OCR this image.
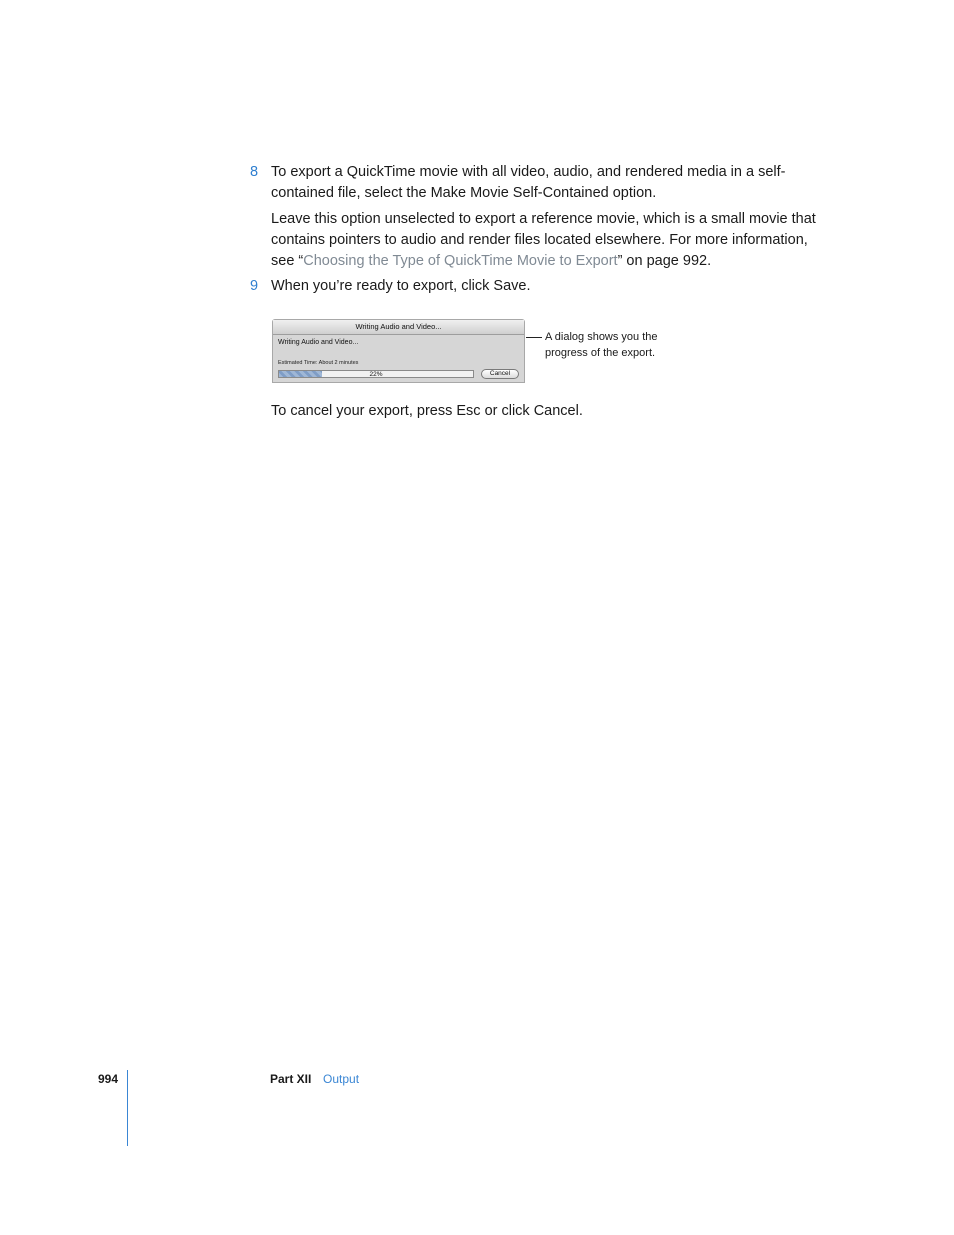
8 To export a QuickTime movie with all video, audio, and rendered media in a self-contained file, select the Make Movie Self-Contained option.
Leave this option unselected to export a reference movie, which is a small movie that contains pointers to audio and render files located elsewhere. For more information, see “Choosing the Type of QuickTime Movie to Export” on page 992.
9 When you’re ready to export, click Save.
Writing Audio and Video...
Writing Audio and Video...
Estimated Time: About 2 minutes
22%	Cancel
A dialog shows you the progress of the export.
To cancel your export, press Esc or click Cancel.
994	Part XII Output
